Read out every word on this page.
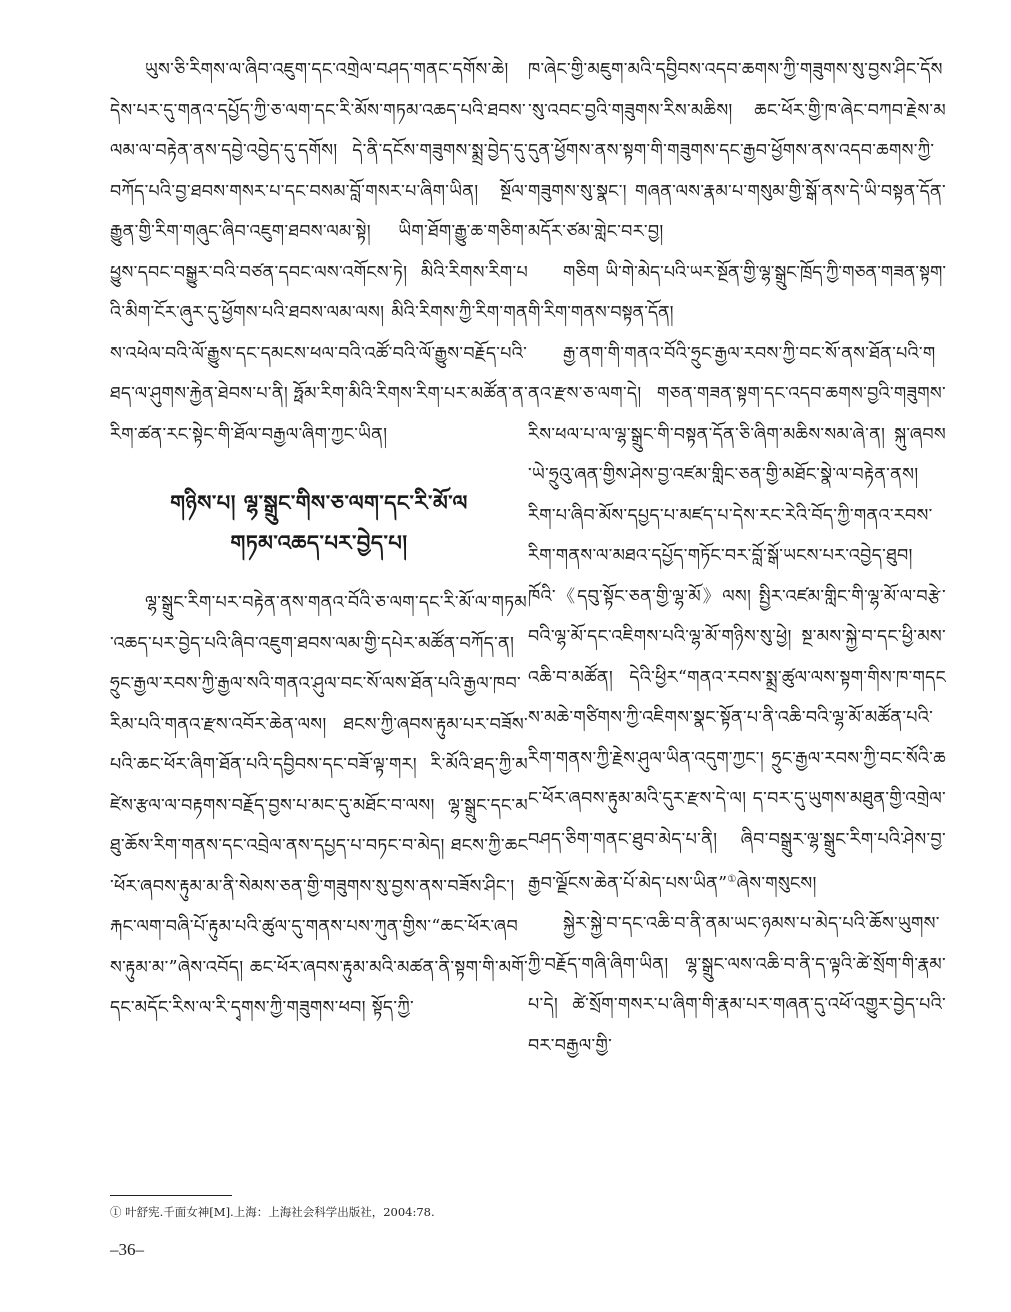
ཡུས་ཅི་རིགས་ལ་ཞིབ་འཇུག་དང་འགྲེལ་བཤད་གནང་དགོས་ཆེ། དེས་པར་དུ་གནའ་དཔྱོད་ཀྱི་ཅ་ལག་དང་རི་མོས་གཏམ་འཆད་པའི་ཐབས་ལམ་ལ་བརྟེན་ནས་དབྱེ་འབྱེད་དུ་དགོས། དེ་ནི་དངོས་གཟུགས་སྨྲ་བྱེད་དུ་བཀོད་པའི་བྱ་ཐབས་གསར་པ་དང་བསམ་བློ་གསར་པ་ཞིག་ཡིན། སྔོལ་རྒྱུན་གྱི་རིག་གཞུང་ཞིབ་འཇུག་ཐབས་ལམ་སྟེ། ཡིག་ཐོག་རྒྱུ་ཆ་གཅིག་ཕྱུས་དབང་བསྒྱུར་བའི་བཙན་དབང་ལས་འགོངས་ཏེ། མིའི་རིགས་རིག་པའི་མིག་ངོར་ཞུར་དུ་ཕྱོགས་པའི་ཐབས་ལམ་ལས། མིའི་རིགས་ཀྱི་རིག་གནས་འཕེལ་བའི་ལོ་རྒྱུས་དང་དམངས་ཕལ་བའི་འཚོ་བའི་ལོ་རྒྱུས་བརྗོད་པའི་ཐད་ལ་ཤུགས་རྐྱེན་ཐེབས་པ་ནི། ཧྥོམ་རིག་མིའི་རིགས་རིག་པར་མཚོན་ན་རིག་ཚན་རང་སྟེང་གི་ཐོལ་བརྒྱལ་ཞིག་ཀྱང་ཡིན།

གཉིས་པ། ལྷ་སྒྲུང་གིས་ཅ་ལག་དང་རི་མོ་ལ
གཏམ་འཆད་པར་བྱེད་པ།

ལྷ་སྒྲུང་རིག་པར་བརྟེན་ནས་གནའ་བོའི་ཅ་ལག་དང་རི་མོ་ལ་གཏམ་འཆད་པར་བྱེད་པའི་ཞིབ་འཇུག་ཐབས་ལམ་གྱི་དཔེར་མཚོན་བཀོད་ན། ཧྲུང་རྒྱལ་རབས་ཀྱི་རྒྱལ་སའི་གནའ་ཤུལ་བང་སོ་ལས་ཐོན་པའི་རྒྱལ་ཁབ་རིམ་པའི་གནའ་རྫས་འབོར་ཆེན་ལས། ཐངས་ཀྱི་ཞབས་རྟུམ་པར་བཟོས་པའི་ཆང་ཕོར་ཞིག་ཐོན་པའི་དབྱིབས་དང་བཟོ་ལྟ་གར། རི་མོའི་ཐད་ཀྱི་མཛེས་རྩལ་ལ་བརྟགས་བརྗོད་བྱས་པ་མང་དུ་མཐོང་བ་ལས། ལྷ་སྒྲུང་དང་མཐུ་ཆོས་རིག་གནས་དང་འབྲེལ་ནས་དཔྱད་པ་བཏང་བ་མེད། ཐངས་ཀྱི་ཆང་ཕོར་ཞབས་རྟུམ་མ་ནི་སེམས་ཅན་གྱི་གཟུགས་སུ་བྱས་ནས་བཟོས་ཤིང་། རྐང་ལག་བཞི་པོ་རྟུམ་པའི་ཚུལ་དུ་གནས་པས་ཀུན་གྱིས་“ཆང་ཕོར་ཞབས་རྟུམ་མ་”ཞེས་འབོད། ཆང་ཕོར་ཞབས་རྟུམ་མའི་མཚན་ནི་སྟག་གི་མགོ་དང་མདོང་རིས་ལ་རི་དྭགས་ཀྱི་གཟུགས་ཕབ། སྟོད་ཀྱི་

ཁ་ཞེང་གྱི་མཇུག་མའི་དབྱིབས་འདབ་ཆགས་ཀྱི་གཟུགས་སུ་བྱས་ཤིང་དོས་སུ་འབང་བྱའི་གཟུགས་རིས་མཆིས། ཆང་ཕོར་གྱི་ཁ་ཞེང་བཀབ་རྗེས་མདུན་ཕྱོགས་ནས་སྟག་གི་གཟུགས་དང་རྒྱབ་ཕྱོགས་ནས་འདབ་ཆགས་ཀྱི་གཟུགས་སུ་སྣང་། གཞན་ལས་རྣམ་པ་གསུམ་གྱི་སྒོ་ནས་དེ་ཡི་བསྟན་དོན་མདོར་ཙམ་གླེང་བར་བྱ།

གཅིག ཡི་གེ་མེད་པའི་ཡར་སྔོན་གྱི་ལྷ་སྒྲུང་ཁྲོད་ཀྱི་གཅན་གཟན་སྟག་གི་རིག་གནས་བསྟན་དོན།

རྒྱ་ནག་གི་གནའ་བོའི་ཧྲུང་རྒྱལ་རབས་ཀྱི་བང་སོ་ནས་ཐོན་པའི་གནའ་རྫས་ཅ་ལག་དེ། གཅན་གཟན་སྟག་དང་འདབ་ཆགས་བྱའི་གཟུགས་རིས་ཕལ་པ་ལ་ལྷ་སྒྲུང་གི་བསྟན་དོན་ཅི་ཞིག་མཆིས་སམ་ཞེ་ན། སྐུ་ཞབས་ཡེ་ཧྲུའུ་ཞན་གྱིས་ཤེས་བྱ་འཛམ་གླིང་ཅན་གྱི་མཐོང་སྣེ་ལ་བརྟེན་ནས། རིག་པ་ཞིབ་མོས་དཔྱད་པ་མཛད་པ་དེས་རང་རེའི་བོད་ཀྱི་གནའ་རབས་རིག་གནས་ལ་མཐའ་དཔྱོད་གཏོང་བར་བློ་སྒོ་ཡངས་པར་འབྱེད་ཐུབ། ཁོའི་《དབུ་སྟོང་ཅན་གྱི་ལྷ་མོ》ལས། སྤྱིར་འཛམ་གླིང་གི་ལྷ་མོ་ལ་བརྩེ་བའི་ལྷ་མོ་དང་འཇིགས་པའི་ལྷ་མོ་གཉིས་སུ་ཕྱེ། སྔ་མས་སྐྱེ་བ་དང་ཕྱི་མས་འཆི་བ་མཚོན། དེའི་ཕྱིར“གནའ་རབས་སྨྲ་ཚུལ་ལས་སྟག་གིས་ཁ་གདངས་མཆེ་གཙིགས་ཀྱི་འཇིགས་སྣང་སྟོན་པ་ནི་འཆི་བའི་ལྷ་མོ་མཚོན་པའི་རིག་གནས་ཀྱི་རྗེས་ཤུལ་ཡིན་འདུག་ཀྱང་། ཧྲུང་རྒྱལ་རབས་ཀྱི་བང་སོའི་ཆང་ཕོར་ཞབས་རྟུམ་མའི་དུར་རྫས་དེ་ལ། ད་བར་དུ་ཡུགས་མཐུན་གྱི་འགྲེལ་བཤད་ཅིག་གནང་ཐུབ་མེད་པ་ནི། ཞིབ་བསྒྲུར་ལྷ་སྒྲུང་རིག་པའི་ཤེས་བྱ་རྒྱབ་ལྗོངས་ཆེན་པོ་མེད་པས་ཡིན”①ཞེས་གསུངས།

སྐྱེར་སྐྱེ་བ་དང་འཆི་བ་ནི་ནམ་ཡང་ཉམས་པ་མེད་པའི་ཆོས་ཡུགས་ཀྱི་བརྗོད་གཞི་ཞིག་ཡིན། ལྷ་སྒྲུང་ལས་འཆི་བ་ནི་ད་ལྟའི་ཚེ་སྲོག་གི་རྣམ་པ་དེ། ཚེ་སྲོག་གསར་པ་ཞིག་གི་རྣམ་པར་གཞན་དུ་འཕོ་འགྱུར་བྱེད་པའི་བར་བརྒྱལ་གྱི་

① 叶舒宪.千面女神[M].上海：上海社会科学出版社，2004:78.
–36–
